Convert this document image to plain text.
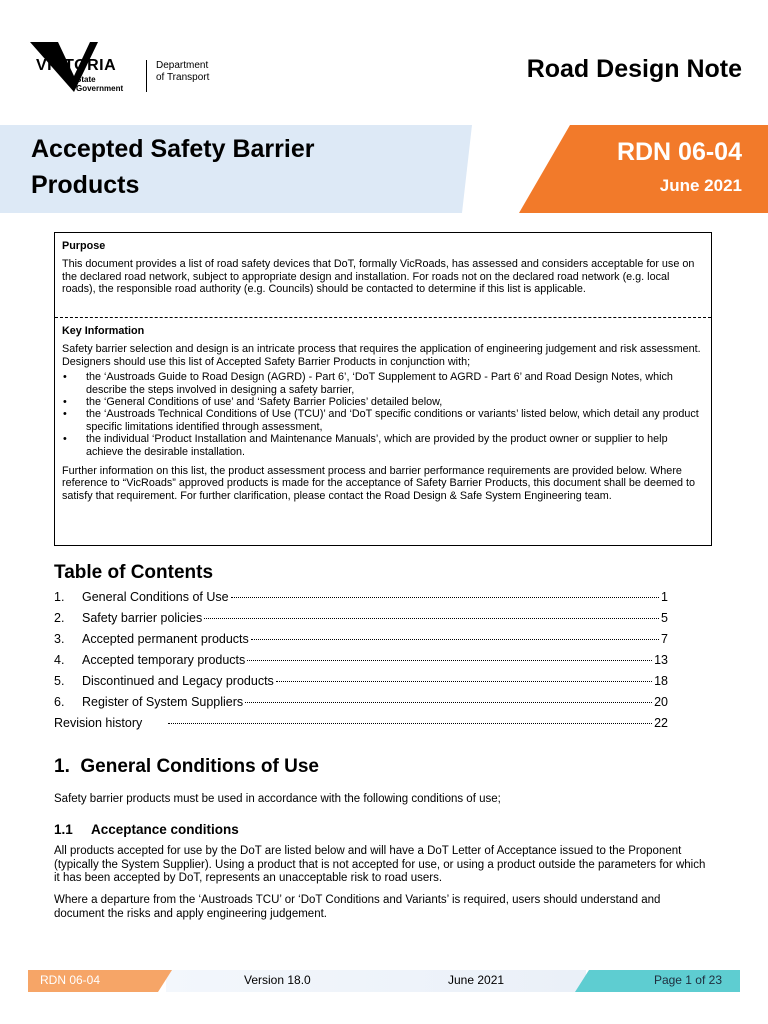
VICTORIA
State
Government
Department
of Transport	Road Design Note
Accepted Safety Barrier
Products
RDN 06-04
June 2021
Purpose

This document provides a list of road safety devices that DoT, formally VicRoads, has assessed and considers acceptable for use on the declared road network, subject to appropriate design and installation. For roads not on the declared road network (e.g. local roads), the responsible road authority (e.g. Councils) should be contacted to determine if this list is applicable.

Key Information

Safety barrier selection and design is an intricate process that requires the application of engineering judgement and risk assessment. Designers should use this list of Accepted Safety Barrier Products in conjunction with;

• the ‘Austroads Guide to Road Design (AGRD) - Part 6’, ‘DoT Supplement to AGRD - Part 6’ and Road Design Notes, which describe the steps involved in designing a safety barrier,
• the ‘General Conditions of use’ and ‘Safety Barrier Policies’ detailed below,
• the ‘Austroads Technical Conditions of Use (TCU)’ and ‘DoT specific conditions or variants’ listed below, which detail any product specific limitations identified through assessment,
• the individual ‘Product Installation and Maintenance Manuals’, which are provided by the product owner or supplier to help achieve the desirable installation.

Further information on this list, the product assessment process and barrier performance requirements are provided below. Where reference to “VicRoads” approved products is made for the acceptance of Safety Barrier Products, this document shall be deemed to satisfy that requirement. For further clarification, please contact the Road Design & Safe System Engineering team.

Table of Contents
1.	General Conditions of Use	1
2.	Safety barrier policies	5
3.	Accepted permanent products	7
4.	Accepted temporary products	13
5.	Discontinued and Legacy products	18
6.	Register of System Suppliers	20
Revision history	22
1.  General Conditions of Use
Safety barrier products must be used in accordance with the following conditions of use;
1.1 Acceptance conditions
All products accepted for use by the DoT are listed below and will have a DoT Letter of Acceptance issued to the Proponent (typically the System Supplier). Using a product that is not accepted for use, or using a product outside the parameters for which it has been accepted by DoT, represents an unacceptable risk to road users.
Where a departure from the ‘Austroads TCU’ or ‘DoT Conditions and Variants’ is required, users should understand and document the risks and apply engineering judgement.
RDN 06-04	Version 18.0	June 2021	Page 1 of 23
